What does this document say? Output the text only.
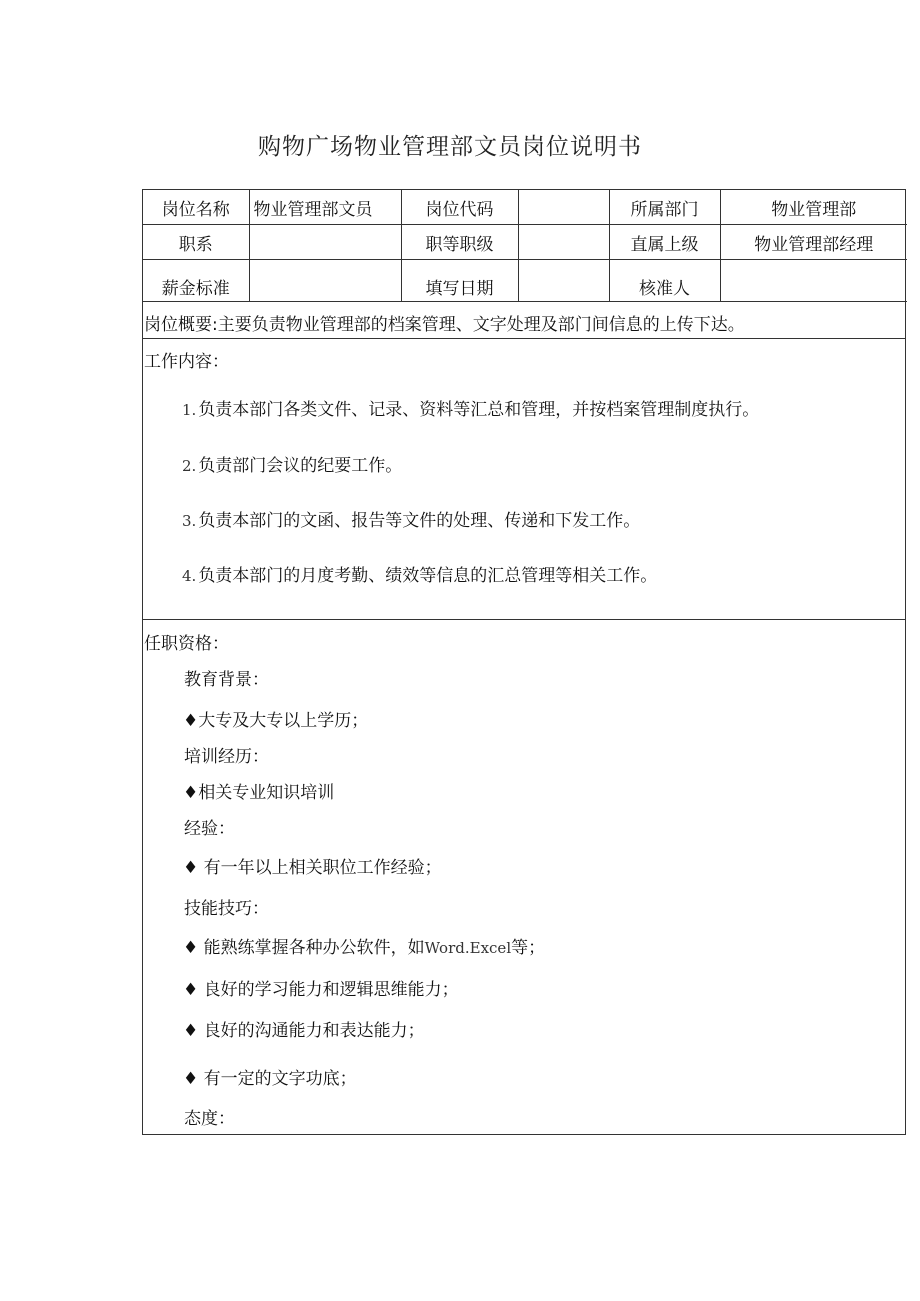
购物广场物业管理部文员岗位说明书
岗位名称	物业管理部文员	岗位代码		所属部门	物业管理部
职系		职等职级		直属上级	物业管理部经理
薪金标准		填写日期		核准人	
岗位概要:主要负责物业管理部的档案管理、文字处理及部门间信息的上传下达。
工作内容：
1. 负责本部门各类文件、记录、资料等汇总和管理，并按档案管理制度执行。
2. 负责部门会议的纪要工作。
3. 负责本部门的文函、报告等文件的处理、传递和下发工作。
4. 负责本部门的月度考勤、绩效等信息的汇总管理等相关工作。
任职资格：
教育背景：
♦大专及大专以上学历；
培训经历：
♦相关专业知识培训
经验：
♦ 有一年以上相关职位工作经验；
技能技巧：
♦ 能熟练掌握各种办公软件，如Word.Excel等；
♦ 良好的学习能力和逻辑思维能力；
♦ 良好的沟通能力和表达能力；
♦ 有一定的文字功底；
态度：
